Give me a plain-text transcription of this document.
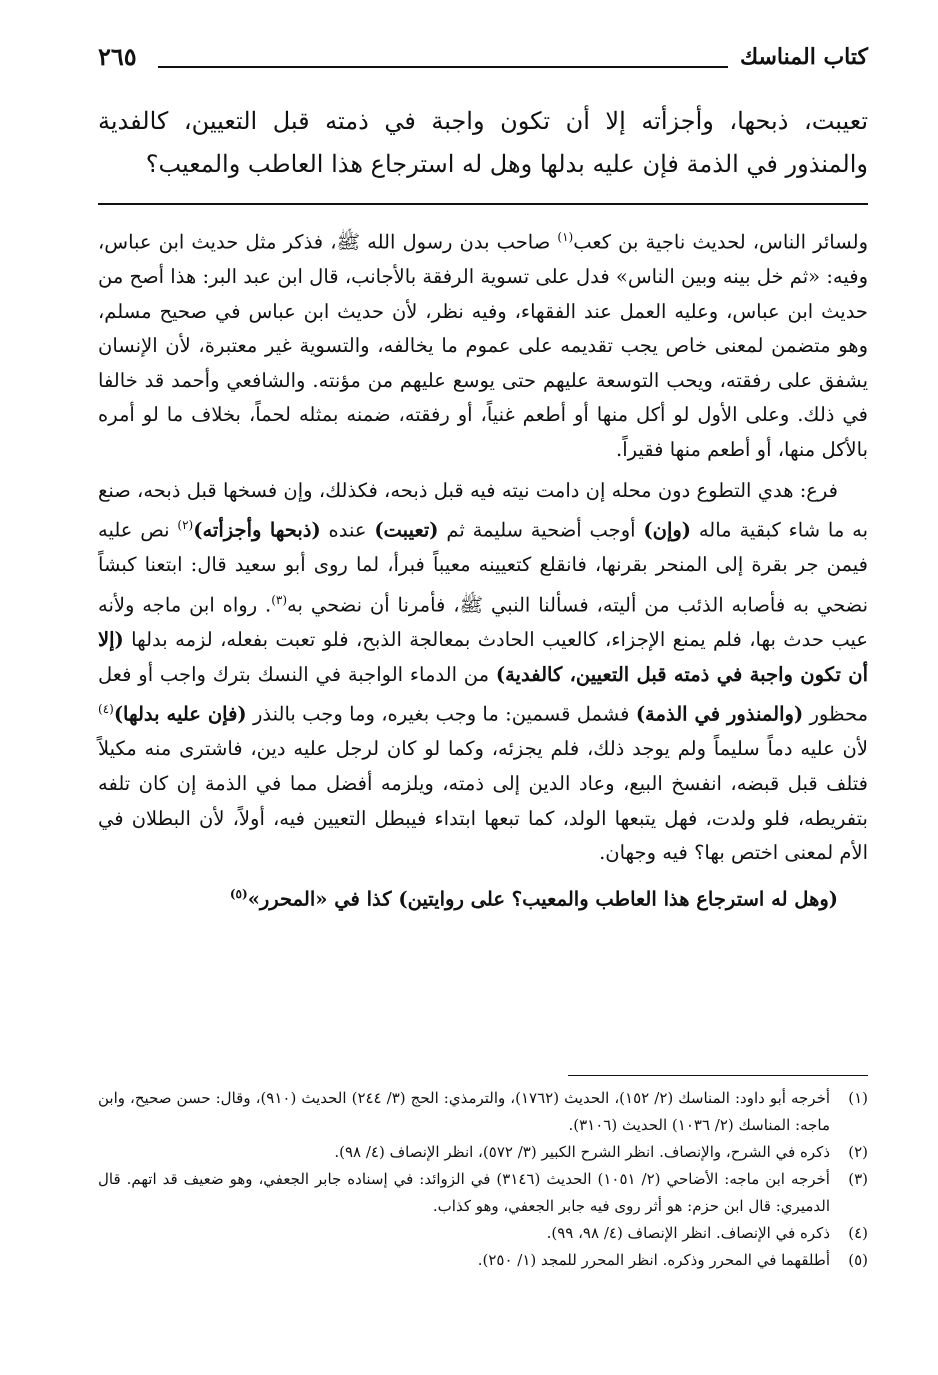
كتاب المناسك
٢٦٥
تعيبت، ذبحها، وأجزأته إلا أن تكون واجبة في ذمته قبل التعيين، كالفدية والمنذور في الذمة فإن عليه بدلها وهل له استرجاع هذا العاطب والمعيب؟

ولسائر الناس، لحديث ناجية بن كعب$^{(١)}$ صاحب بدن رسول الله ﷺ، فذكر مثل حديث ابن عباس، وفيه: «ثم خل بينه وبين الناس» فدل على تسوية الرفقة بالأجانب، قال ابن عبد البر: هذا أصح من حديث ابن عباس، وعليه العمل عند الفقهاء، وفيه نظر، لأن حديث ابن عباس في صحيح مسلم، وهو متضمن لمعنى خاص يجب تقديمه على عموم ما يخالفه، والتسوية غير معتبرة، لأن الإنسان يشفق على رفقته، ويحب التوسعة عليهم حتى يوسع عليهم من مؤنته. والشافعي وأحمد قد خالفا في ذلك. وعلى الأول لو أكل منها أو أطعم غنياً، أو رفقته، ضمنه بمثله لحماً، بخلاف ما لو أمره بالأكل منها، أو أطعم منها فقيراً.

فرع: هدي التطوع دون محله إن دامت نيته فيه قبل ذبحه، فكذلك، وإن فسخها قبل ذبحه، صنع به ما شاء كبقية ماله (وإن) أوجب أضحية سليمة ثم (تعيبت) عنده (ذبحها وأجزأته)$^{(٢)}$ نص عليه فيمن جر بقرة إلى المنحر بقرنها، فانقلع كتعيينه معيباً فبرأ، لما روى أبو سعيد قال: ابتعنا كبشاً نضحي به فأصابه الذئب من أليته، فسألنا النبي ﷺ، فأمرنا أن نضحي به$^{(٣)}$. رواه ابن ماجه ولأنه عيب حدث بها، فلم يمنع الإجزاء، كالعيب الحادث بمعالجة الذبح، فلو تعبت بفعله، لزمه بدلها (إلا أن تكون واجبة في ذمته قبل التعيين، كالفدية) من الدماء الواجبة في النسك بترك واجب أو فعل محظور (والمنذور في الذمة) فشمل قسمين: ما وجب بغيره، وما وجب بالنذر (فإن عليه بدلها)$^{(٤)}$ لأن عليه دماً سليماً ولم يوجد ذلك، فلم يجزئه، وكما لو كان لرجل عليه دين، فاشترى منه مكيلاً فتلف قبل قبضه، انفسخ البيع، وعاد الدين إلى ذمته، ويلزمه أفضل مما في الذمة إن كان تلفه بتفريطه، فلو ولدت، فهل يتبعها الولد، كما تبعها ابتداء فيبطل التعيين فيه، أولاً، لأن البطلان في الأم لمعنى اختص بها؟ فيه وجهان.

(وهل له استرجاع هذا العاطب والمعيب؟ على روايتين) كذا في «المحرر»$^{(٥)}$

(١)
أخرجه أبو داود: المناسك (٢/ ١٥٢)، الحديث (١٧٦٢)، والترمذي: الحج (٣/ ٢٤٤) الحديث (٩١٠)، وقال: حسن صحيح، وابن ماجه: المناسك (٢/ ١٠٣٦) الحديث (٣١٠٦).
(٢)
ذكره في الشرح، والإنصاف. انظر الشرح الكبير (٣/ ٥٧٢)، انظر الإنصاف (٤/ ٩٨).
(٣)
أخرجه ابن ماجه: الأضاحي (٢/ ١٠٥١) الحديث (٣١٤٦) في الزوائد: في إسناده جابر الجعفي، وهو ضعيف قد اتهم. قال الدميري: قال ابن حزم: هو أثر روى فيه جابر الجعفي، وهو كذاب.
(٤)
ذكره في الإنصاف. انظر الإنصاف (٤/ ٩٨، ٩٩).
(٥)
أطلقهما في المحرر وذكره. انظر المحرر للمجد (١/ ٢٥٠).
